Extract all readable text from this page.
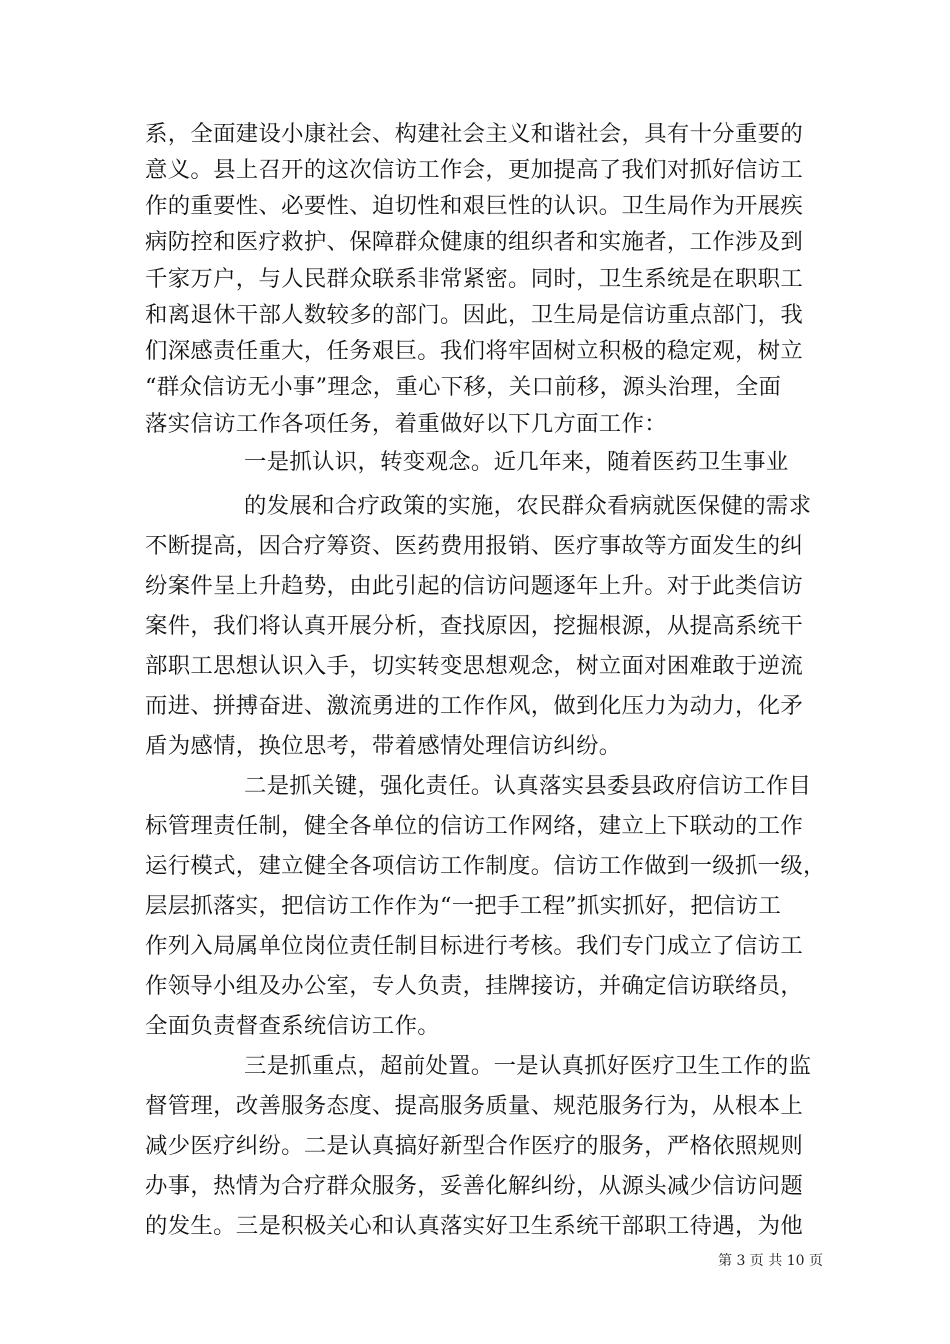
系，全面建设小康社会、构建社会主义和谐社会，具有十分重要的
意义。县上召开的这次信访工作会，更加提高了我们对抓好信访工
作的重要性、必要性、迫切性和艰巨性的认识。卫生局作为开展疾
病防控和医疗救护、保障群众健康的组织者和实施者，工作涉及到
千家万户，与人民群众联系非常紧密。同时，卫生系统是在职职工
和离退休干部人数较多的部门。因此，卫生局是信访重点部门，我
们深感责任重大，任务艰巨。我们将牢固树立积极的稳定观，树立
“群众信访无小事”理念，重心下移，关口前移，源头治理，全面
落实信访工作各项任务，着重做好以下几方面工作：
一是抓认识，转变观念。近几年来，随着医药卫生事业
的发展和合疗政策的实施，农民群众看病就医保健的需求
不断提高，因合疗筹资、医药费用报销、医疗事故等方面发生的纠
纷案件呈上升趋势，由此引起的信访问题逐年上升。对于此类信访
案件，我们将认真开展分析，查找原因，挖掘根源，从提高系统干
部职工思想认识入手，切实转变思想观念，树立面对困难敢于逆流
而进、拼搏奋进、激流勇进的工作作风，做到化压力为动力，化矛
盾为感情，换位思考，带着感情处理信访纠纷。
二是抓关键，强化责任。认真落实县委县政府信访工作目
标管理责任制，健全各单位的信访工作网络，建立上下联动的工作
运行模式，建立健全各项信访工作制度。信访工作做到一级抓一级，
层层抓落实，把信访工作作为“一把手工程”抓实抓好，把信访工
作列入局属单位岗位责任制目标进行考核。我们专门成立了信访工
作领导小组及办公室，专人负责，挂牌接访，并确定信访联络员，
全面负责督查系统信访工作。
三是抓重点，超前处置。一是认真抓好医疗卫生工作的监
督管理，改善服务态度、提高服务质量、规范服务行为，从根本上
减少医疗纠纷。二是认真搞好新型合作医疗的服务，严格依照规则
办事，热情为合疗群众服务，妥善化解纠纷，从源头减少信访问题
的发生。三是积极关心和认真落实好卫生系统干部职工待遇，为他
第 3 页 共 10 页
